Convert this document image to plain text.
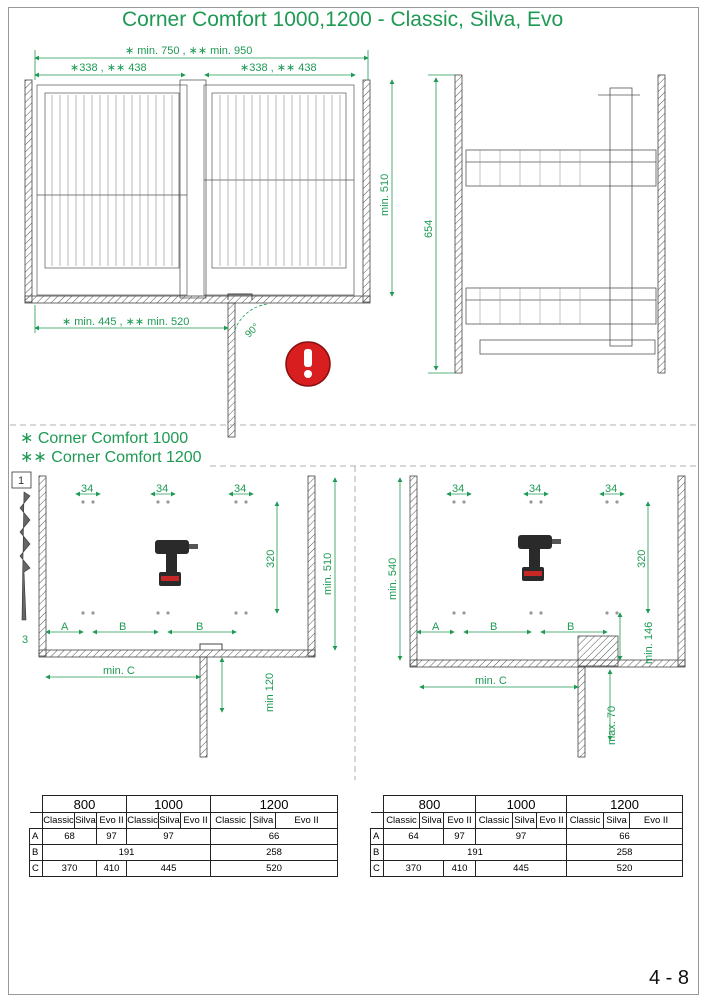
Corner Comfort 1000,1200 - Classic, Silva, Evo
∗ min. 750 , ∗∗ min. 950
∗338 , ∗∗ 438	∗338 , ∗∗ 438
∗ min. 445 , ∗∗ min. 520
min. 510
90°
654
1
3
34	34	34
320	min. 510
A	B	B
min. C
min 120
34	34	34
320
min. 540
A	B	B
min. C
min. 146
max. 70
∗ Corner Comfort 1000
∗∗ Corner Comfort 1200
	800			1000			1200		
	Classic	Silva	Evo II	Classic	Silva	Evo II	Classic	Silva	Evo II
A	68		97	97			66		
B	191						258		
C	370		410	445			520		
	800			1000			1200		
	Classic	Silva	Evo II	Classic	Silva	Evo II	Classic	Silva	Evo II
A	64		97	97			66		
B	191						258		
C	370		410	445			520		
4 - 8
